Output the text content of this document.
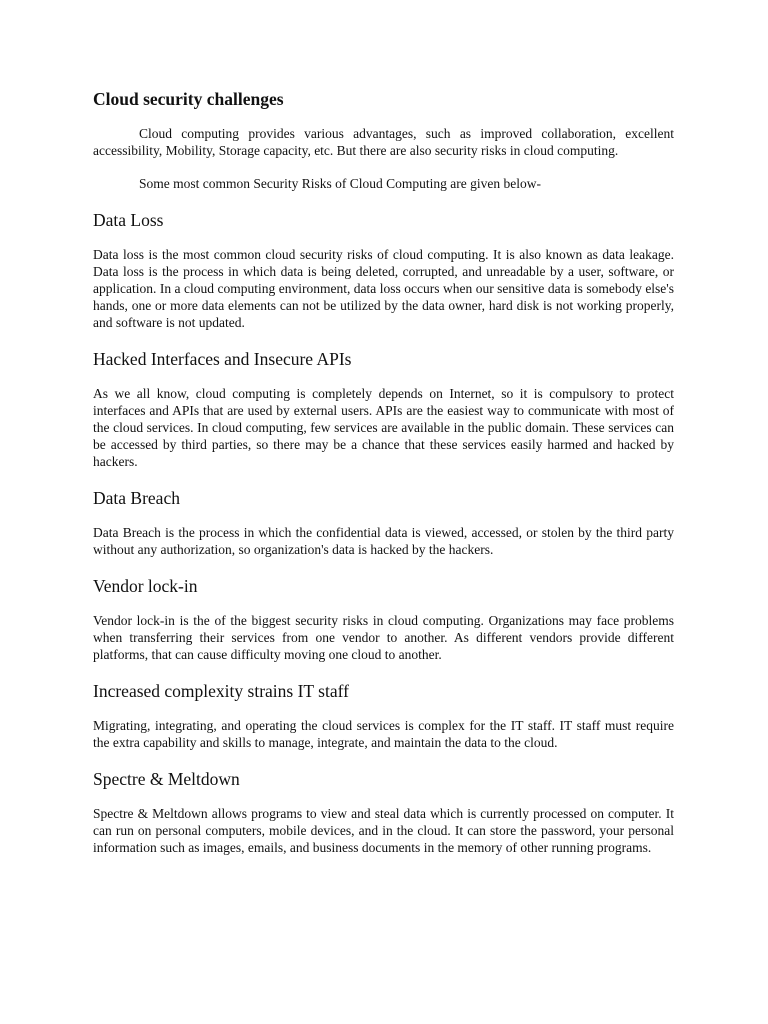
Cloud security challenges

Cloud computing provides various advantages, such as improved collaboration, excellent accessibility, Mobility, Storage capacity, etc. But there are also security risks in cloud computing.

Some most common Security Risks of Cloud Computing are given below-

Data Loss

Data loss is the most common cloud security risks of cloud computing. It is also known as data leakage. Data loss is the process in which data is being deleted, corrupted, and unreadable by a user, software, or application. In a cloud computing environment, data loss occurs when our sensitive data is somebody else's hands, one or more data elements can not be utilized by the data owner, hard disk is not working properly, and software is not updated.

Hacked Interfaces and Insecure APIs

As we all know, cloud computing is completely depends on Internet, so it is compulsory to protect interfaces and APIs that are used by external users. APIs are the easiest way to communicate with most of the cloud services. In cloud computing, few services are available in the public domain. These services can be accessed by third parties, so there may be a chance that these services easily harmed and hacked by hackers.

Data Breach

Data Breach is the process in which the confidential data is viewed, accessed, or stolen by the third party without any authorization, so organization's data is hacked by the hackers.

Vendor lock-in

Vendor lock-in is the of the biggest security risks in cloud computing. Organizations may face problems when transferring their services from one vendor to another. As different vendors provide different platforms, that can cause difficulty moving one cloud to another.

Increased complexity strains IT staff

Migrating, integrating, and operating the cloud services is complex for the IT staff. IT staff must require the extra capability and skills to manage, integrate, and maintain the data to the cloud.

Spectre & Meltdown

Spectre & Meltdown allows programs to view and steal data which is currently processed on computer. It can run on personal computers, mobile devices, and in the cloud. It can store the password, your personal information such as images, emails, and business documents in the memory of other running programs.
